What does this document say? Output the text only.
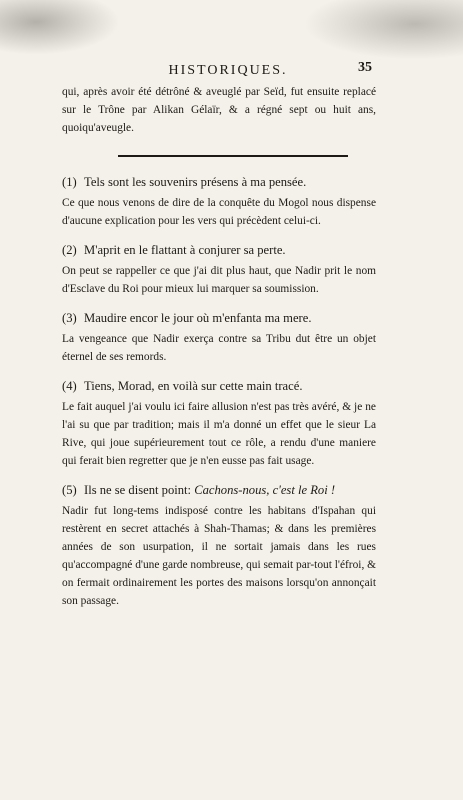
HISTORIQUES.	35
qui, après avoir été détrôné & aveuglé par Seïd, fut ensuite replacé sur le Trône par Alikan Gélaïr, & a régné sept ou huit ans, quoiqu'aveugle.
(1) Tels sont les souvenirs présens à ma pensée.
Ce que nous venons de dire de la conquête du Mogol nous dispense d'aucune explication pour les vers qui précèdent celui-ci.
(2) M'aprit en le flattant à conjurer sa perte.
On peut se rappeller ce que j'ai dit plus haut, que Nadir prit le nom d'Esclave du Roi pour mieux lui marquer sa soumission.
(3) Maudire encor le jour où m'enfanta ma mere.
La vengeance que Nadir exerça contre sa Tribu dut être un objet éternel de ses remords.
(4) Tiens, Morad, en voilà sur cette main tracé.
Le fait auquel j'ai voulu ici faire allusion n'est pas très avéré, & je ne l'ai su que par tradition; mais il m'a donné un effet que le sieur La Rive, qui joue supérieurement tout ce rôle, a rendu d'une maniere qui ferait bien regretter que je n'en eusse pas fait usage.
(5) Ils ne se disent point: Cachons-nous, c'est le Roi !
Nadir fut long-tems indisposé contre les habitans d'Ispahan qui restèrent en secret attachés à Shah-Thamas; & dans les premières années de son usurpation, il ne sortait jamais dans les rues qu'accompagné d'une garde nombreuse, qui semait par-tout l'éfroi, & on fermait ordinairement les portes des maisons lorsqu'on annonçait son passage.
